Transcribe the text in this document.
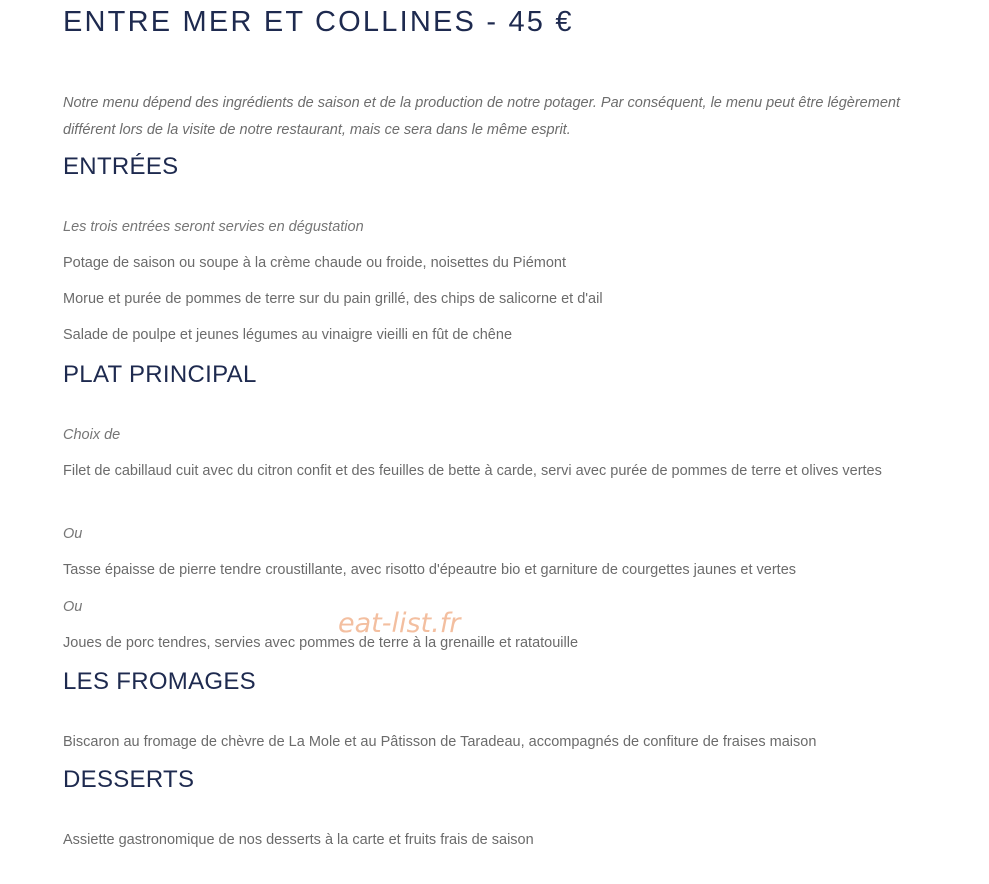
ENTRE MER ET COLLINES - 45 €

Notre menu dépend des ingrédients de saison et de la production de notre potager. Par conséquent, le menu peut être légèrement différent lors de la visite de notre restaurant, mais ce sera dans le même esprit.

ENTRÉES

Les trois entrées seront servies en dégustation

Potage de saison ou soupe à la crème chaude ou froide, noisettes du Piémont

Morue et purée de pommes de terre sur du pain grillé, des chips de salicorne et d'ail

Salade de poulpe et jeunes légumes au vinaigre vieilli en fût de chêne

PLAT PRINCIPAL

Choix de

Filet de cabillaud cuit avec du citron confit et des feuilles de bette à carde, servi avec purée de pommes de terre et olives vertes

Ou

Tasse épaisse de pierre tendre croustillante, avec risotto d'épeautre bio et garniture de courgettes jaunes et vertes

Ou

Joues de porc tendres, servies avec pommes de terre à la grenaille et ratatouille

LES FROMAGES

Biscaron au fromage de chèvre de La Mole et au Pâtisson de Taradeau, accompagnés de confiture de fraises maison

DESSERTS

Assiette gastronomique de nos desserts à la carte et fruits frais de saison

eat-list.fr
